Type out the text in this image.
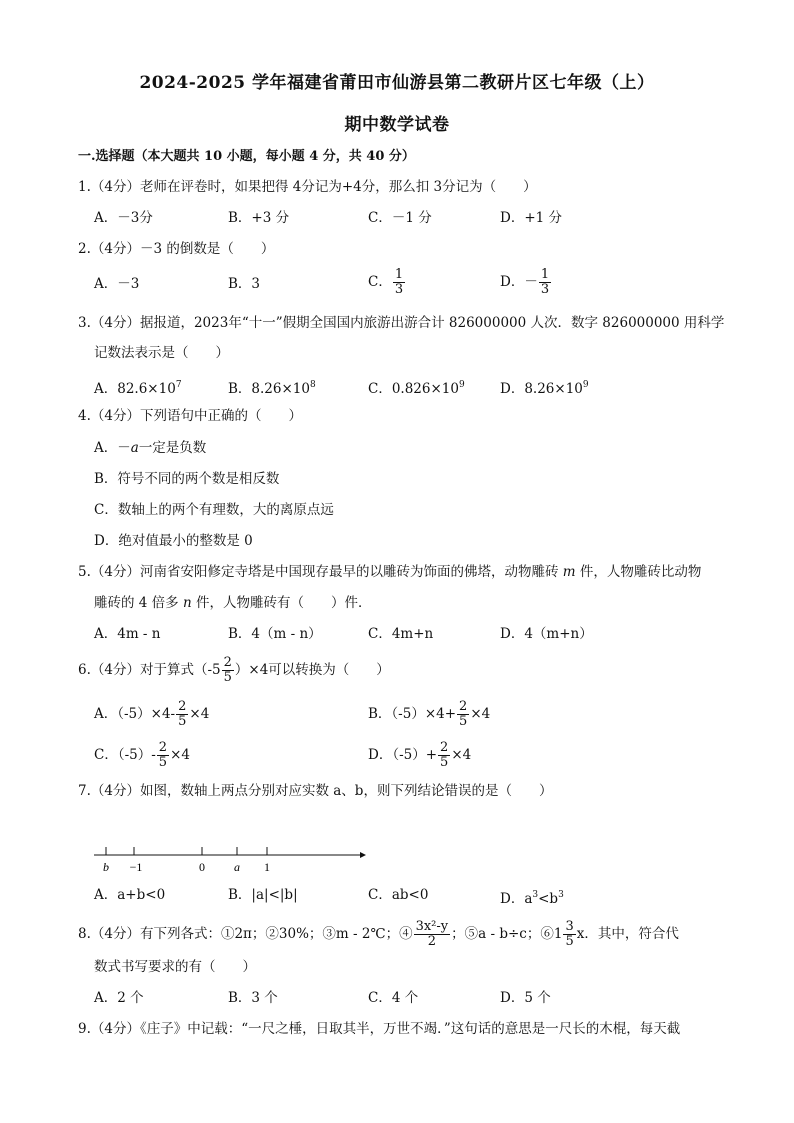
2024-2025 学年福建省莆田市仙游县第二教研片区七年级（上）
期中数学试卷
一.选择题（本大题共 10 小题，每小题 4 分，共 40 分）
1.（4分）老师在评卷时，如果把得 4分记为+4分，那么扣 3分记为（　　）
A．－3分	B．+3 分	C．－1 分	D．+1 分
2.（4分）－3 的倒数是（　　）
A．－3	B．3	C． $\frac{1}{3}$	D．－ $\frac{1}{3}$
3.（4分）据报道，2023年“十一”假期全国国内旅游出游合计 826000000 人次．数字 826000000 用科学
记数法表示是（　　）
A．$82.6\times 10^7$	B．$8.26\times 10^8$	C．$0.826\times 10^9$	D．$8.26\times 10^9$
4.（4分）下列语句中正确的（　　）
A．－a一定是负数
B．符号不同的两个数是相反数
C．数轴上的两个有理数，大的离原点远
D．绝对值最小的整数是 0
5.（4分）河南省安阳修定寺塔是中国现存最早的以雕砖为饰面的佛塔，动物雕砖 m 件，人物雕砖比动物
雕砖的 4 倍多 n 件，人物雕砖有（　　）件．
A．4m - n	B．4（m - n）	C．4m+n	D．4（m+n）
6.（4分）对于算式$(-5 \frac{2}{5} )\times 4$可以转换为（　　）
A．$(-5)\times 4- \frac{2}{5} \times 4$	B．$(-5)\times 4+ \frac{2}{5} \times 4$
C．$(-5)- \frac{2}{5} \times 4$	D．$(-5)+ \frac{2}{5} \times 4$
7.（4分）如图，数轴上两点分别对应实数 a、b，则下列结论错误的是（　　）
b −1	0 a 1
A．a+b<0	B．|a|<|b|	C．ab<0	D．$a^3<b^3$
8.（4分）有下列各式：①2π；②30%；③m - 2℃；④ $\frac{\text{3x²-y}}{2}$ ；⑤a - b÷c；⑥1 $\frac{3}{5}$ x．其中，符合代
数式书写要求的有（　　）
A．2 个	B．3 个	C．4 个	D．5 个
9.（4分）《庄子》中记载：“一尺之棰，日取其半，万世不竭．”这句话的意思是一尺长的木棍，每天截
